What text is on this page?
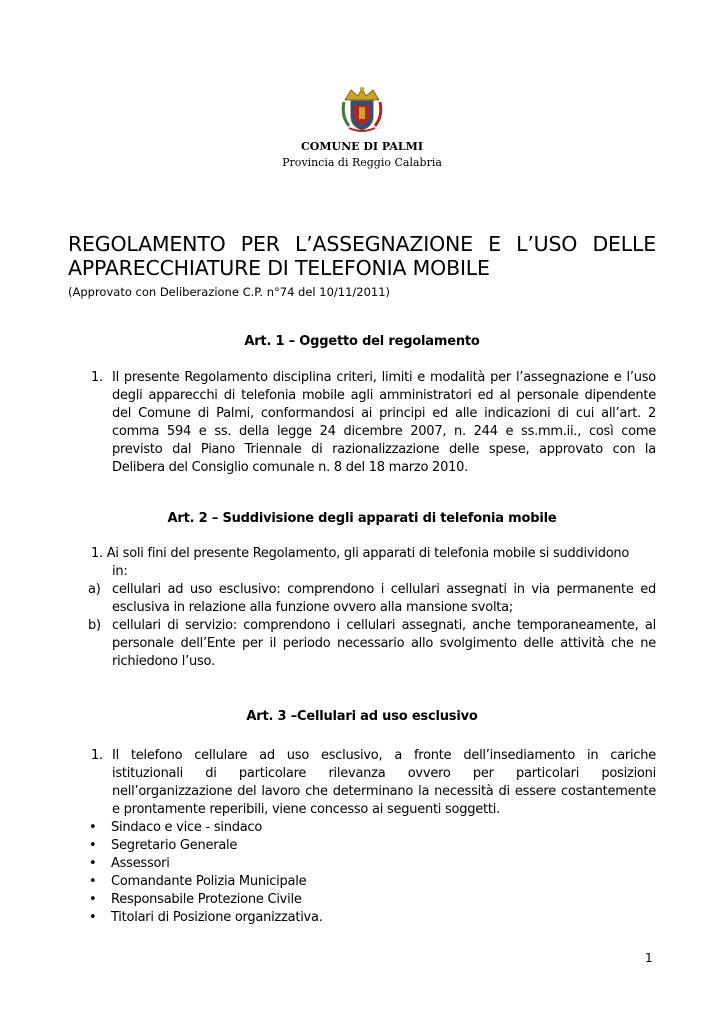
COMUNE DI PALMI
Provincia di Reggio Calabria
REGOLAMENTO PER L’ASSEGNAZIONE E L’USO DELLE
APPARECCHIATURE DI TELEFONIA MOBILE
(Approvato con Deliberazione C.P. n°74 del 10/11/2011)
Art. 1 – Oggetto del regolamento
1. Il presente Regolamento disciplina criteri, limiti e modalità per l’assegnazione e l’uso
degli apparecchi di telefonia mobile agli amministratori ed al personale dipendente
del Comune di Palmi, conformandosi ai principi ed alle indicazioni di cui all’art. 2
comma 594 e ss. della legge 24 dicembre 2007, n. 244 e ss.mm.ii., così come
previsto dal Piano Triennale di razionalizzazione delle spese, approvato con la
Delibera del Consiglio comunale n. 8 del 18 marzo 2010.
Art. 2 – Suddivisione degli apparati di telefonia mobile
1. Ai soli fini del presente Regolamento, gli apparati di telefonia mobile si suddividono
in:
a) cellulari ad uso esclusivo: comprendono i cellulari assegnati in via permanente ed
esclusiva in relazione alla funzione ovvero alla mansione svolta;
b) cellulari di servizio: comprendono i cellulari assegnati, anche temporaneamente, al
personale dell’Ente per il periodo necessario allo svolgimento delle attività che ne
richiedono l’uso.
Art. 3 –Cellulari ad uso esclusivo
1. Il telefono cellulare ad uso esclusivo, a fronte dell’insediamento in cariche
istituzionali di particolare rilevanza ovvero per particolari posizioni
nell’organizzazione del lavoro che determinano la necessità di essere costantemente
e prontamente reperibili, viene concesso ai seguenti soggetti.
• Sindaco e vice - sindaco
• Segretario Generale
• Assessori
• Comandante Polizia Municipale
• Responsabile Protezione Civile
• Titolari di Posizione organizzativa.
1
